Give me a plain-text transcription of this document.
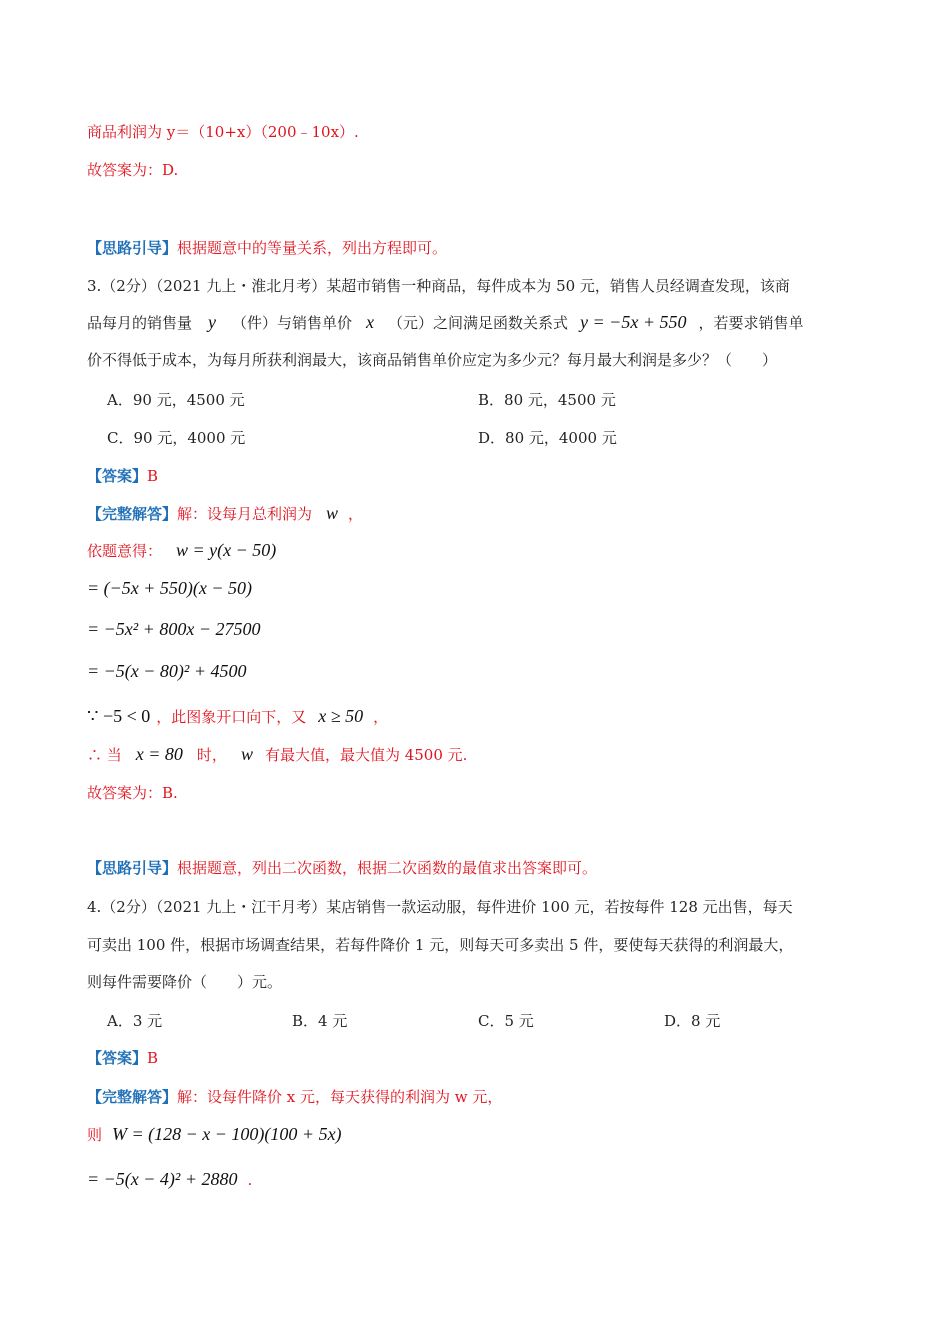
商品利润为 y＝（10+x）（200﹣10x）.
故答案为：D.
【思路引导】根据题意中的等量关系，列出方程即可。
3.（2分）（2021 九上・淮北月考）某超市销售一种商品，每件成本为 50 元，销售人员经调查发现，该商
品每月的销售量 y （件）与销售单价 x （元）之间满足函数关系式 y = −5x + 550 ，若要求销售单
价不得低于成本，为每月所获利润最大，该商品销售单价应定为多少元？每月最大利润是多少？（　　）
A．90 元，4500 元	B．80 元，4500 元
C．90 元，4000 元	D．80 元，4000 元
【答案】B
【完整解答】解：设每月总利润为 w ，
依题意得： w = y(x − 50)
= (−5x + 550)(x − 50)
= −5x² + 800x − 27500
= −5(x − 80)² + 4500
∵ −5 < 0 ，此图象开口向下，又 x ≥ 50 ，
∴ 当 x = 80 时， w 有最大值，最大值为 4500 元.
故答案为：B.
【思路引导】根据题意，列出二次函数，根据二次函数的最值求出答案即可。
4.（2分）（2021 九上・江干月考）某店销售一款运动服，每件进价 100 元，若按每件 128 元出售，每天
可卖出 100 件，根据市场调查结果，若每件降价 1 元，则每天可多卖出 5 件，要使每天获得的利润最大，
则每件需要降价（　　）元。
A．3 元	B．4 元	C．5 元	D．8 元
【答案】B
【完整解答】解：设每件降价 x 元，每天获得的利润为 w 元，
则 W = (128 − x − 100)(100 + 5x)
= −5(x − 4)² + 2880 .
